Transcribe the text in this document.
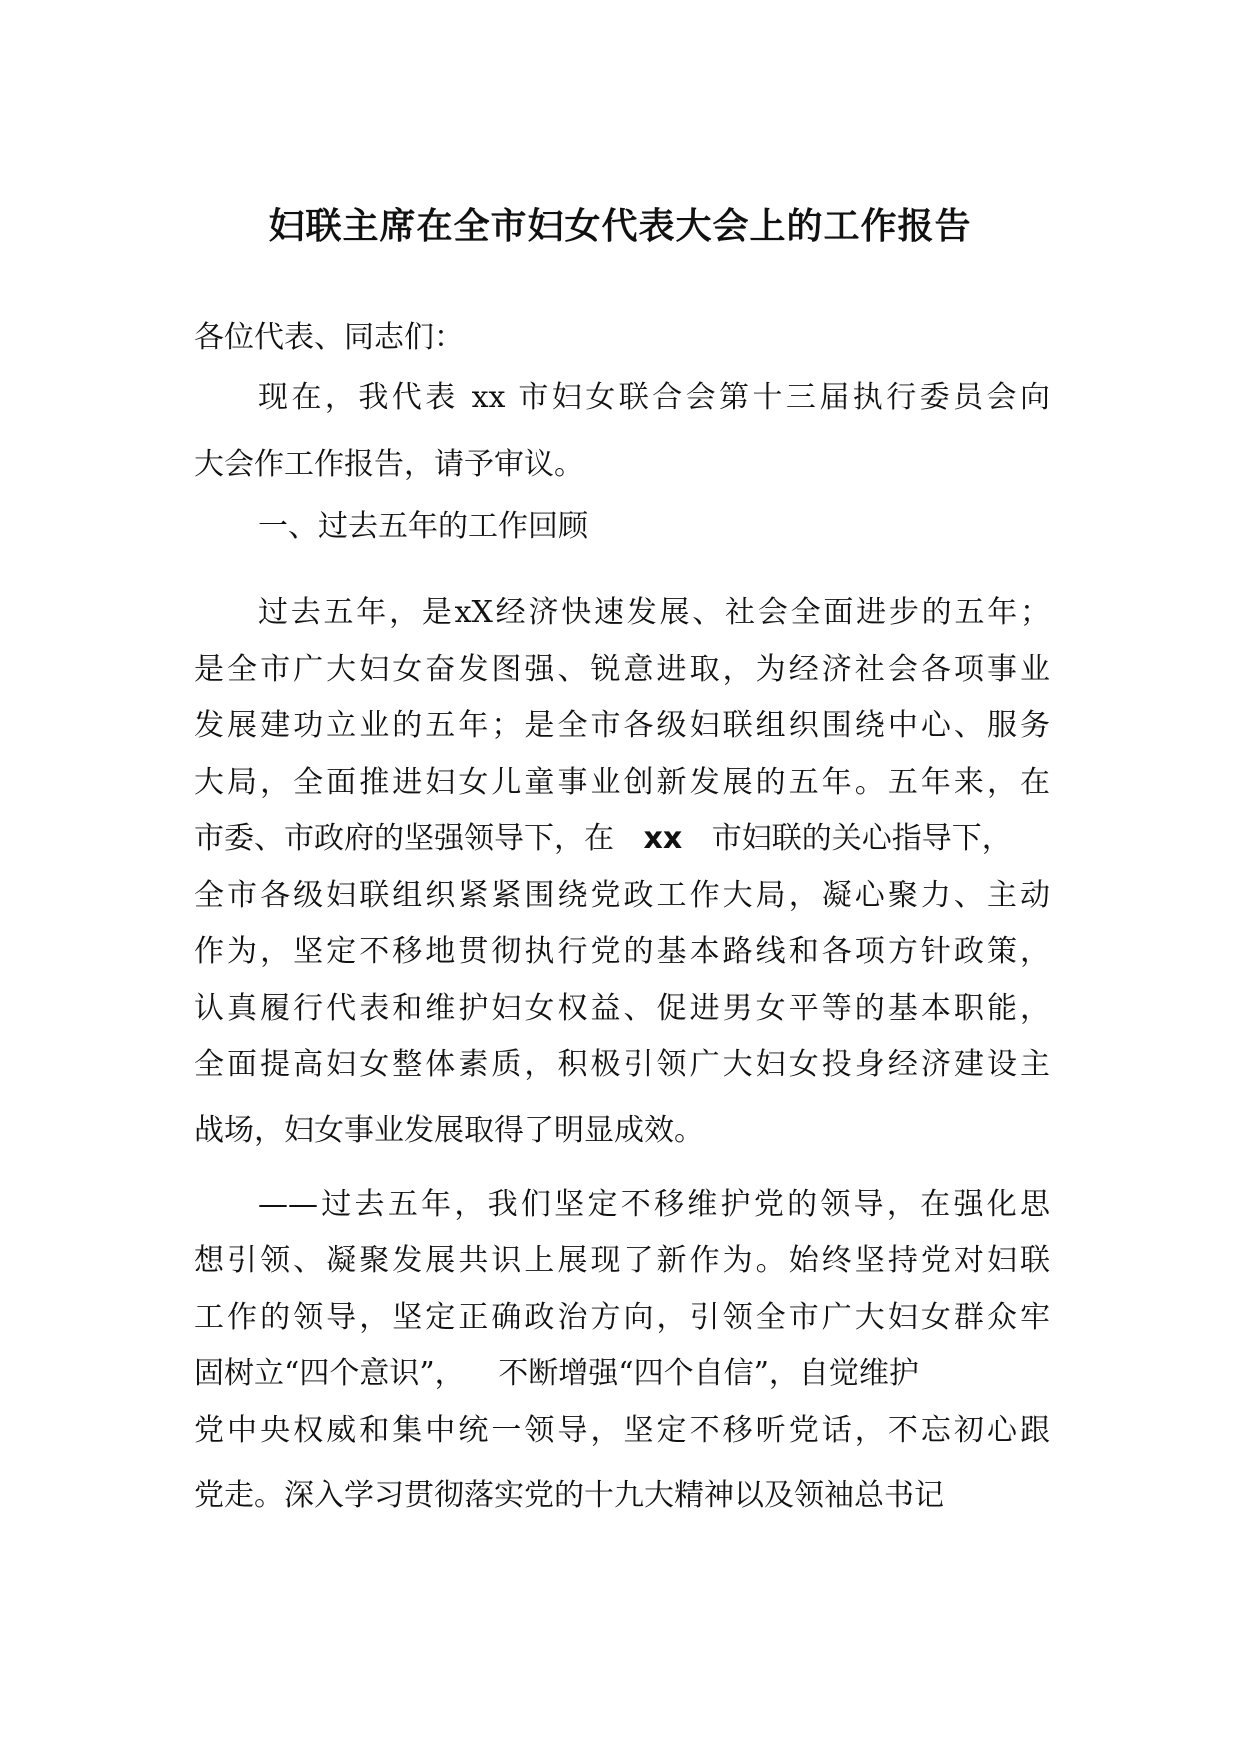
妇联主席在全市妇女代表大会上的工作报告
各位代表、同志们：
现在，我代表 xx 市妇女联合会第十三届执行委员会向
大会作工作报告，请予审议。
一、过去五年的工作回顾
过去五年，是xX经济快速发展、社会全面进步的五年；
是全市广大妇女奋发图强、锐意进取，为经济社会各项事业
发展建功立业的五年；是全市各级妇联组织围绕中心、服务
大局，全面推进妇女儿童事业创新发展的五年。五年来，在
市委、市政府的坚强领导下，在 xx 市妇联的关心指导下，
全市各级妇联组织紧紧围绕党政工作大局，凝心聚力、主动
作为，坚定不移地贯彻执行党的基本路线和各项方针政策，
认真履行代表和维护妇女权益、促进男女平等的基本职能，
全面提高妇女整体素质，积极引领广大妇女投身经济建设主
战场，妇女事业发展取得了明显成效。
——过去五年，我们坚定不移维护党的领导，在强化思
想引领、凝聚发展共识上展现了新作为。始终坚持党对妇联
工作的领导，坚定正确政治方向，引领全市广大妇女群众牢
固树立“四个意识”， 不断增强“四个自信”，自觉维护
党中央权威和集中统一领导，坚定不移听党话，不忘初心跟
党走。深入学习贯彻落实党的十九大精神以及领袖总书记
